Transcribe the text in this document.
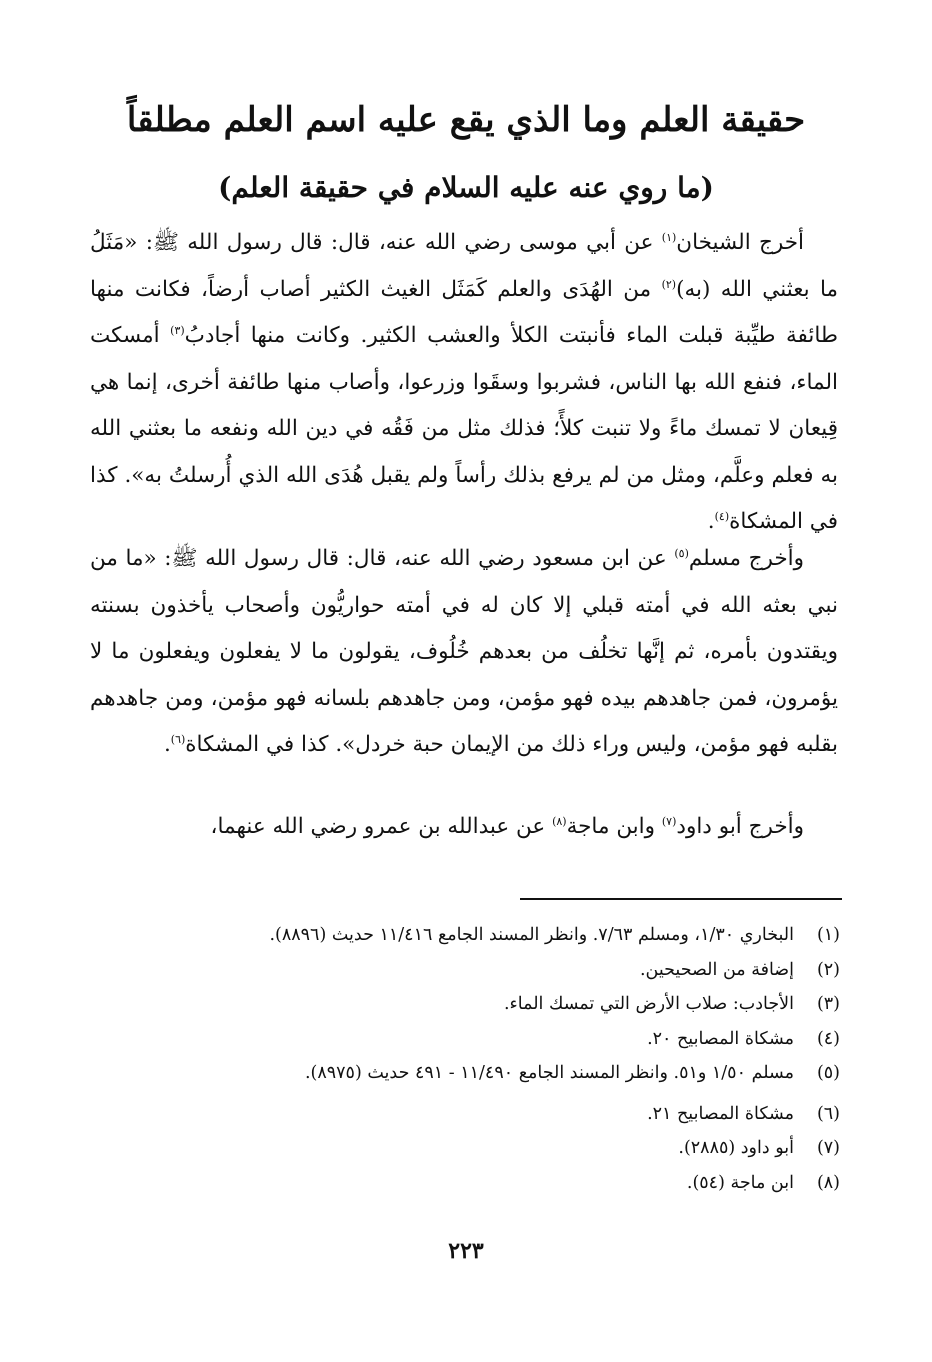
حقيقة العلم وما الذي يقع عليه اسم العلم مطلقاً
(ما روي عنه عليه السلام في حقيقة العلم)

أخرج الشيخان$^{(١)}$ عن أبي موسى رضي الله عنه، قال: قال رسول الله ﷺ: «مَثَلُ ما بعثني الله (به)$^{(٢)}$ من الهُدَى والعلم كَمَثَل الغيث الكثير أصاب أرضاً، فكانت منها طائفة طيِّبة قبلت الماء فأنبتت الكلأ والعشب الكثير. وكانت منها أجادبُ$^{(٣)}$ أمسكت الماء، فنفع الله بها الناس، فشربوا وسقَوا وزرعوا، وأصاب منها طائفة أخرى، إنما هي قِيعان لا تمسك ماءً ولا تنبت كلأً؛ فذلك مثل من فَقُه في دين الله ونفعه ما بعثني الله به فعلم وعلَّم، ومثل من لم يرفع بذلك رأساً ولم يقبل هُدَى الله الذي أُرسلتُ به». كذا في المشكاة$^{(٤)}$.

وأخرج مسلم$^{(٥)}$ عن ابن مسعود رضي الله عنه، قال: قال رسول الله ﷺ: «ما من نبي بعثه الله في أمته قبلي إلا كان له في أمته حواريُّون وأصحاب يأخذون بسنته ويقتدون بأمره، ثم إنَّها تخلُف من بعدهم خُلُوف، يقولون ما لا يفعلون ويفعلون ما لا يؤمرون، فمن جاهدهم بيده فهو مؤمن، ومن جاهدهم بلسانه فهو مؤمن، ومن جاهدهم بقلبه فهو مؤمن، وليس وراء ذلك من الإيمان حبة خردل». كذا في المشكاة$^{(٦)}$.

وأخرج أبو داود$^{(٧)}$ وابن ماجة$^{(٨)}$ عن عبدالله بن عمرو رضي الله عنهما،

(١)البخاري ١/٣٠، ومسلم ٧/٦٣. وانظر المسند الجامع ١١/٤١٦ حديث (٨٨٩٦).
(٢)إضافة من الصحيحين.
(٣)الأجادب: صلاب الأرض التي تمسك الماء.
(٤)مشكاة المصابيح ٢٠.
(٥)مسلم ١/٥٠ و٥١. وانظر المسند الجامع ١١/٤٩٠ - ٤٩١ حديث (٨٩٧٥).
(٦)مشكاة المصابيح ٢١.
(٧)أبو داود (٢٨٨٥).
(٨)ابن ماجة (٥٤).

٢٢٣
